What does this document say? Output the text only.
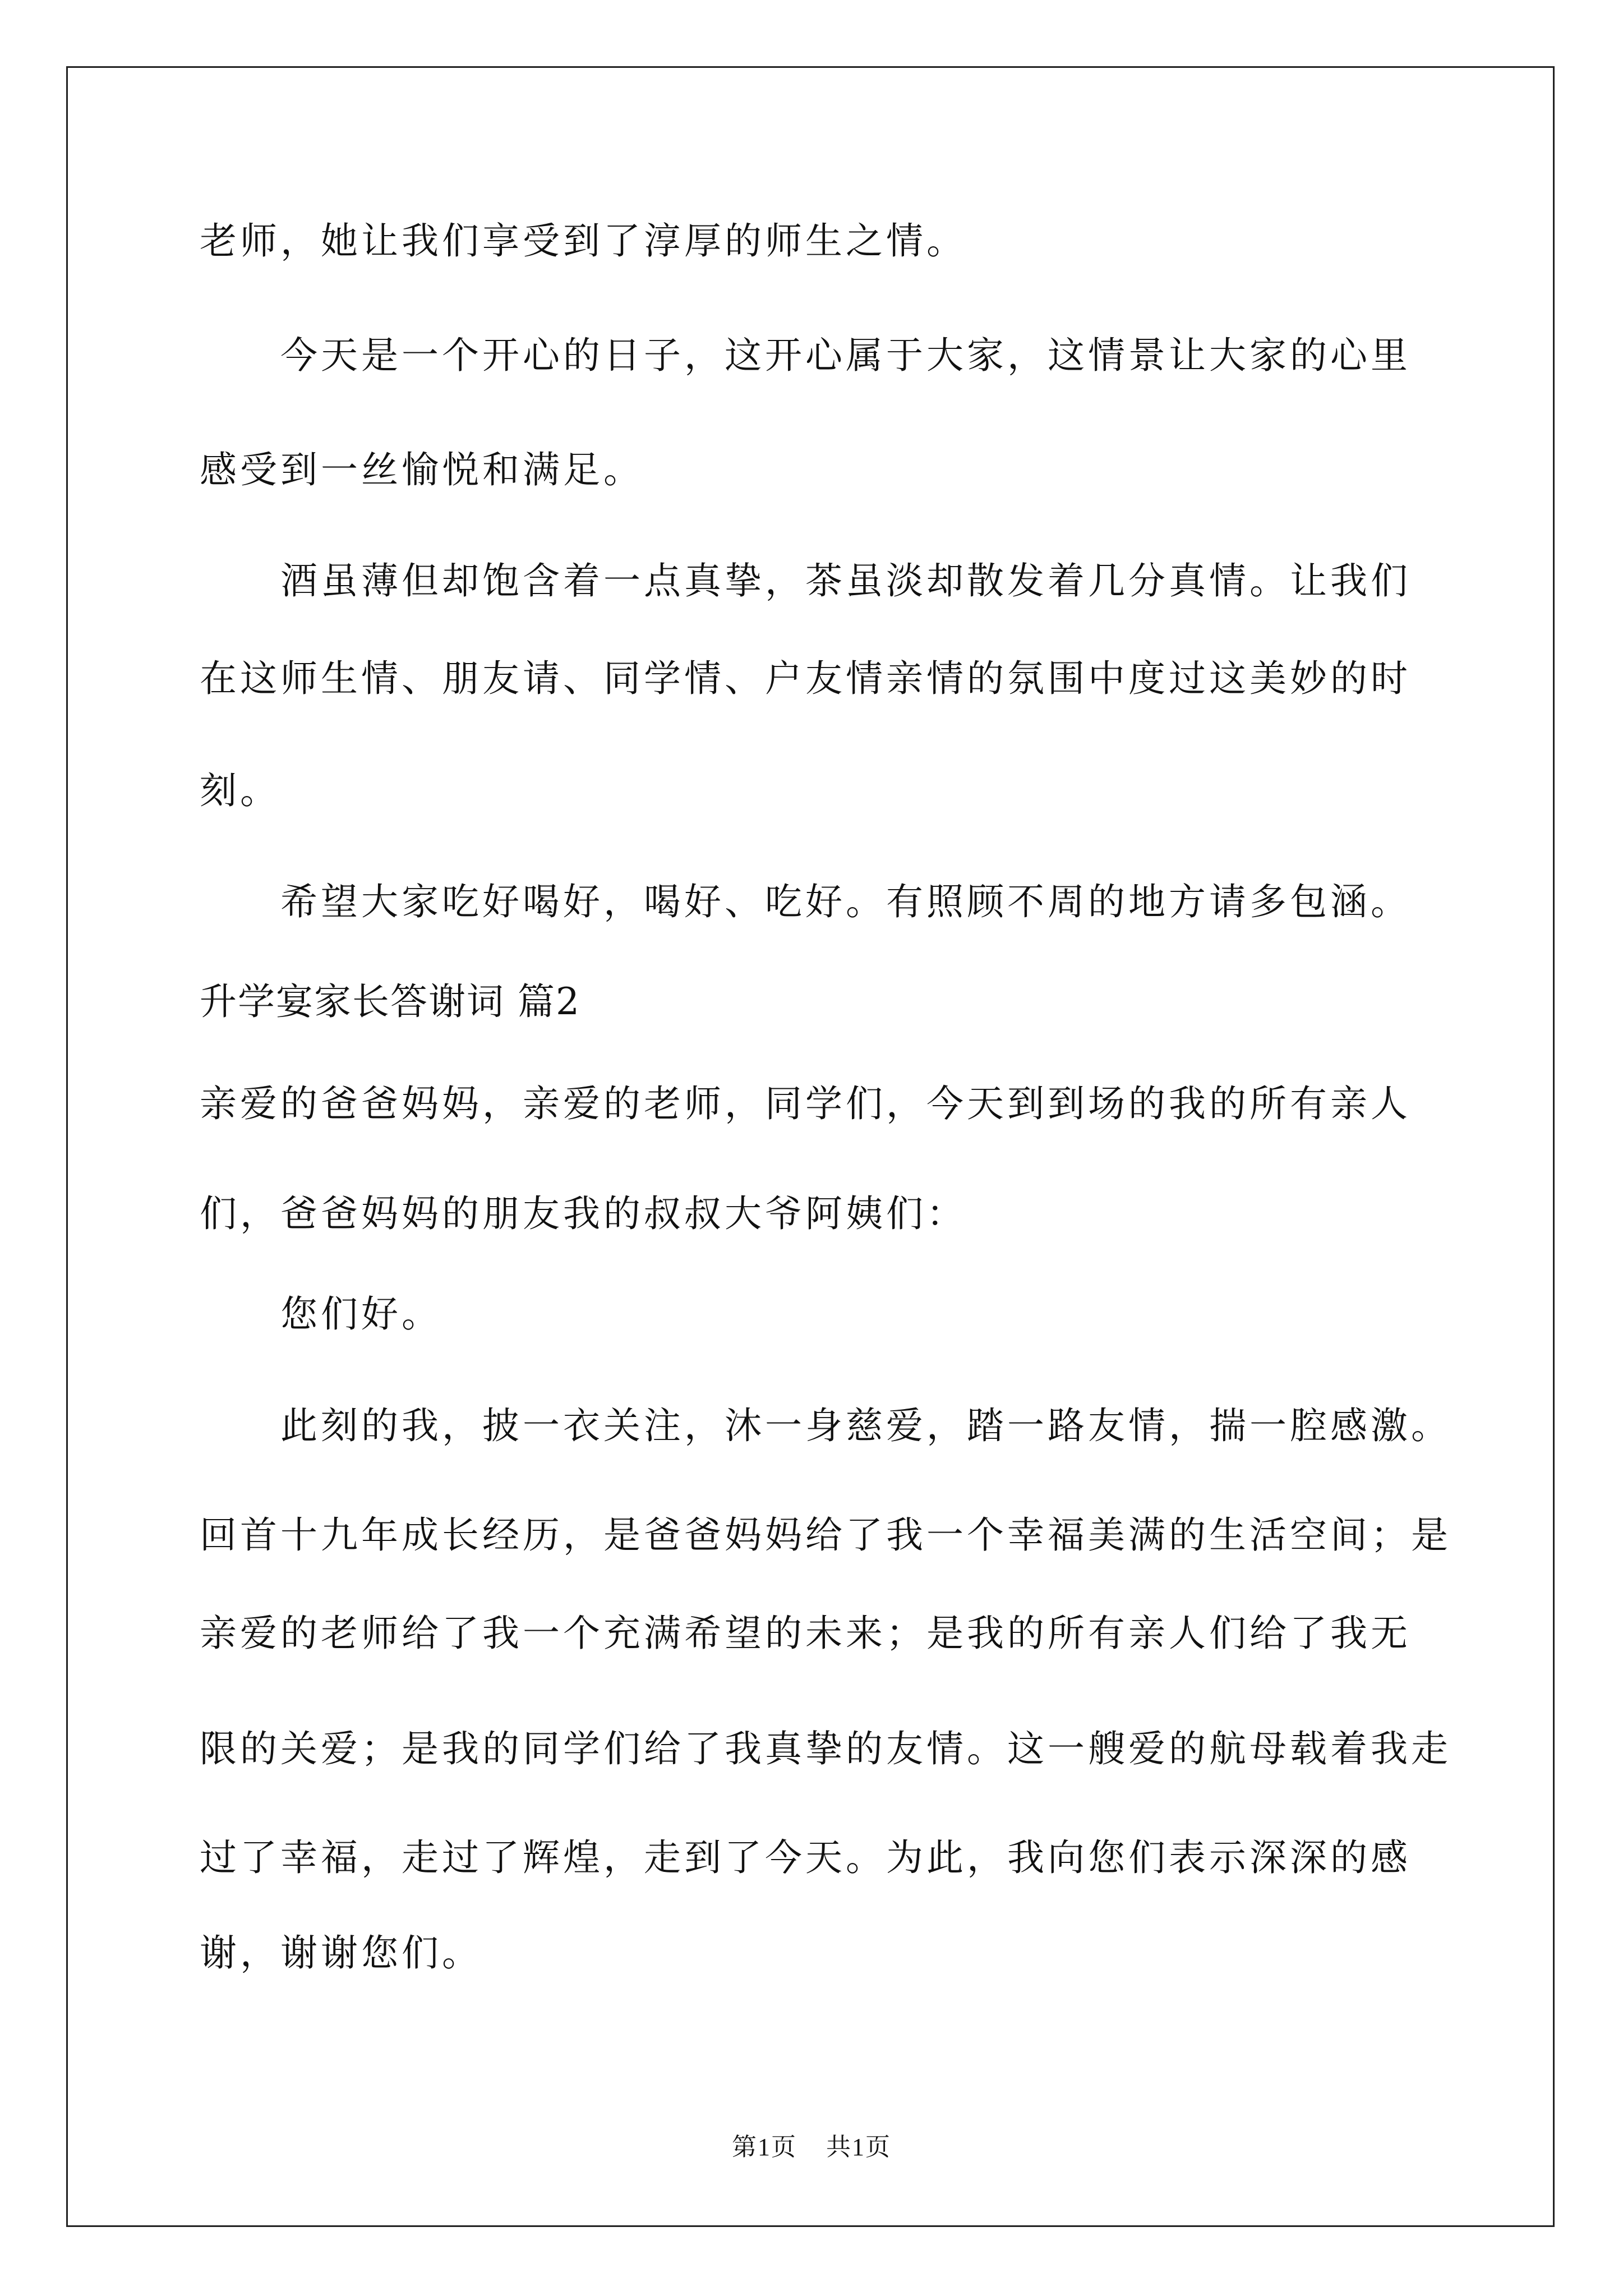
老师，她让我们享受到了淳厚的师生之情。
今天是一个开心的日子，这开心属于大家，这情景让大家的心里
感受到一丝愉悦和满足。
酒虽薄但却饱含着一点真挚，茶虽淡却散发着几分真情。让我们
在这师生情、朋友请、同学情、户友情亲情的氛围中度过这美妙的时
刻。
希望大家吃好喝好，喝好、吃好。有照顾不周的地方请多包涵。
升学宴家长答谢词 篇2
亲爱的爸爸妈妈，亲爱的老师，同学们，今天到到场的我的所有亲人
们，爸爸妈妈的朋友我的叔叔大爷阿姨们：
您们好。
此刻的我，披一衣关注，沐一身慈爱，踏一路友情，揣一腔感激。
回首十九年成长经历，是爸爸妈妈给了我一个幸福美满的生活空间；是
亲爱的老师给了我一个充满希望的未来；是我的所有亲人们给了我无
限的关爱；是我的同学们给了我真挚的友情。这一艘爱的航母载着我走
过了幸福，走过了辉煌，走到了今天。为此，我向您们表示深深的感
谢，谢谢您们。
第1页 共1页
